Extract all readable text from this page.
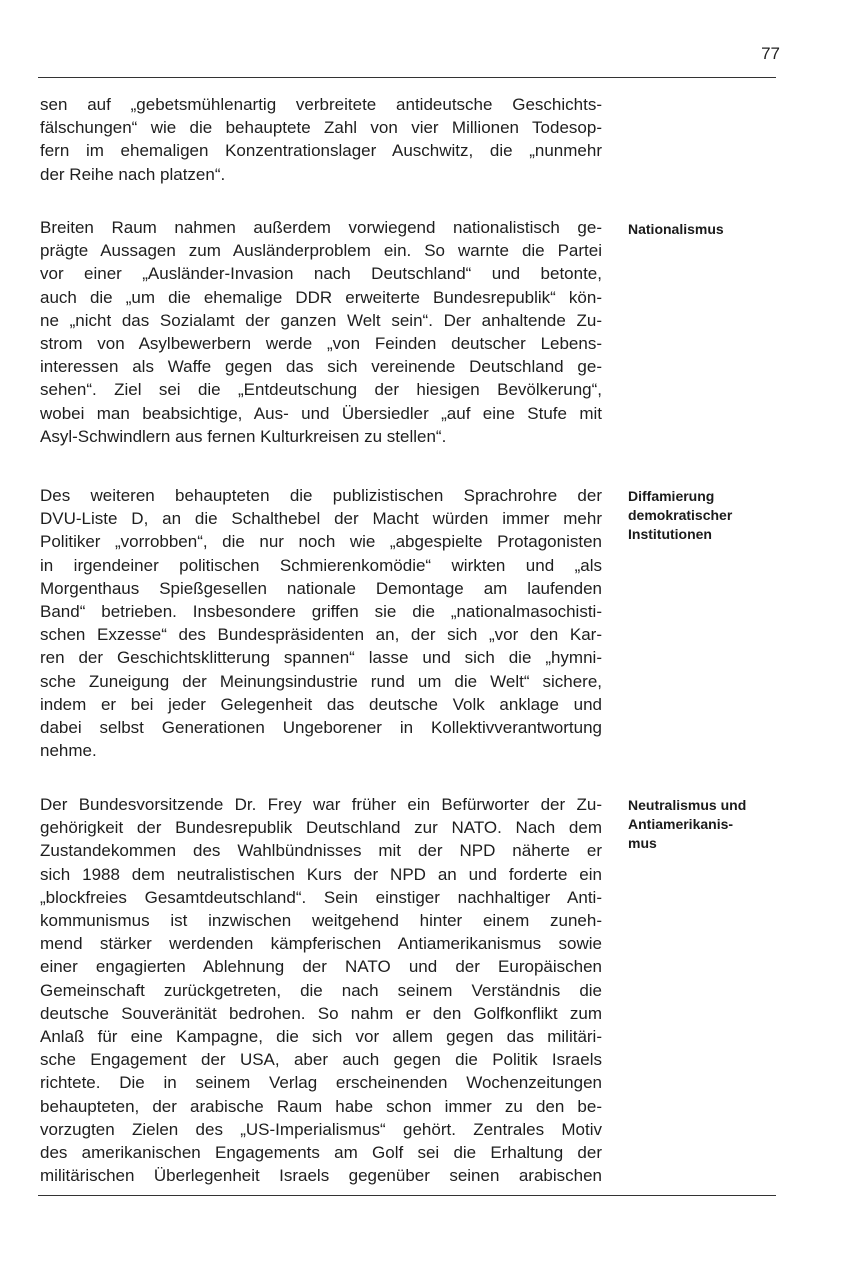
77
sen auf „gebetsmühlenartig verbreitete antideutsche Geschichts-
fälschungen“ wie die behauptete Zahl von vier Millionen Todesop-
fern im ehemaligen Konzentrationslager Auschwitz, die „nunmehr
der Reihe nach platzen“.
Breiten Raum nahmen außerdem vorwiegend nationalistisch ge-
prägte Aussagen zum Ausländerproblem ein. So warnte die Partei
vor einer „Ausländer-Invasion nach Deutschland“ und betonte,
auch die „um die ehemalige DDR erweiterte Bundesrepublik“ kön-
ne „nicht das Sozialamt der ganzen Welt sein“. Der anhaltende Zu-
strom von Asylbewerbern werde „von Feinden deutscher Lebens-
interessen als Waffe gegen das sich vereinende Deutschland ge-
sehen“. Ziel sei die „Entdeutschung der hiesigen Bevölkerung“,
wobei man beabsichtige, Aus- und Übersiedler „auf eine Stufe mit
Asyl-Schwindlern aus fernen Kulturkreisen zu stellen“.
Des weiteren behaupteten die publizistischen Sprachrohre der
DVU-Liste D, an die Schalthebel der Macht würden immer mehr
Politiker „vorrobben“, die nur noch wie „abgespielte Protagonisten
in irgendeiner politischen Schmierenkomödie“ wirkten und „als
Morgenthaus Spießgesellen nationale Demontage am laufenden
Band“ betrieben. Insbesondere griffen sie die „nationalmasochisti-
schen Exzesse“ des Bundespräsidenten an, der sich „vor den Kar-
ren der Geschichtsklitterung spannen“ lasse und sich die „hymni-
sche Zuneigung der Meinungsindustrie rund um die Welt“ sichere,
indem er bei jeder Gelegenheit das deutsche Volk anklage und
dabei selbst Generationen Ungeborener in Kollektivverantwortung
nehme.
Der Bundesvorsitzende Dr. Frey war früher ein Befürworter der Zu-
gehörigkeit der Bundesrepublik Deutschland zur NATO. Nach dem
Zustandekommen des Wahlbündnisses mit der NPD näherte er
sich 1988 dem neutralistischen Kurs der NPD an und forderte ein
„blockfreies Gesamtdeutschland“. Sein einstiger nachhaltiger Anti-
kommunismus ist inzwischen weitgehend hinter einem zuneh-
mend stärker werdenden kämpferischen Antiamerikanismus sowie
einer engagierten Ablehnung der NATO und der Europäischen
Gemeinschaft zurückgetreten, die nach seinem Verständnis die
deutsche Souveränität bedrohen. So nahm er den Golfkonflikt zum
Anlaß für eine Kampagne, die sich vor allem gegen das militäri-
sche Engagement der USA, aber auch gegen die Politik Israels
richtete. Die in seinem Verlag erscheinenden Wochenzeitungen
behaupteten, der arabische Raum habe schon immer zu den be-
vorzugten Zielen des „US-Imperialismus“ gehört. Zentrales Motiv
des amerikanischen Engagements am Golf sei die Erhaltung der
militärischen Überlegenheit Israels gegenüber seinen arabischen
Nationalismus
Diffamierung
demokratischer
Institutionen
Neutralismus und
Antiamerikanis-
mus
